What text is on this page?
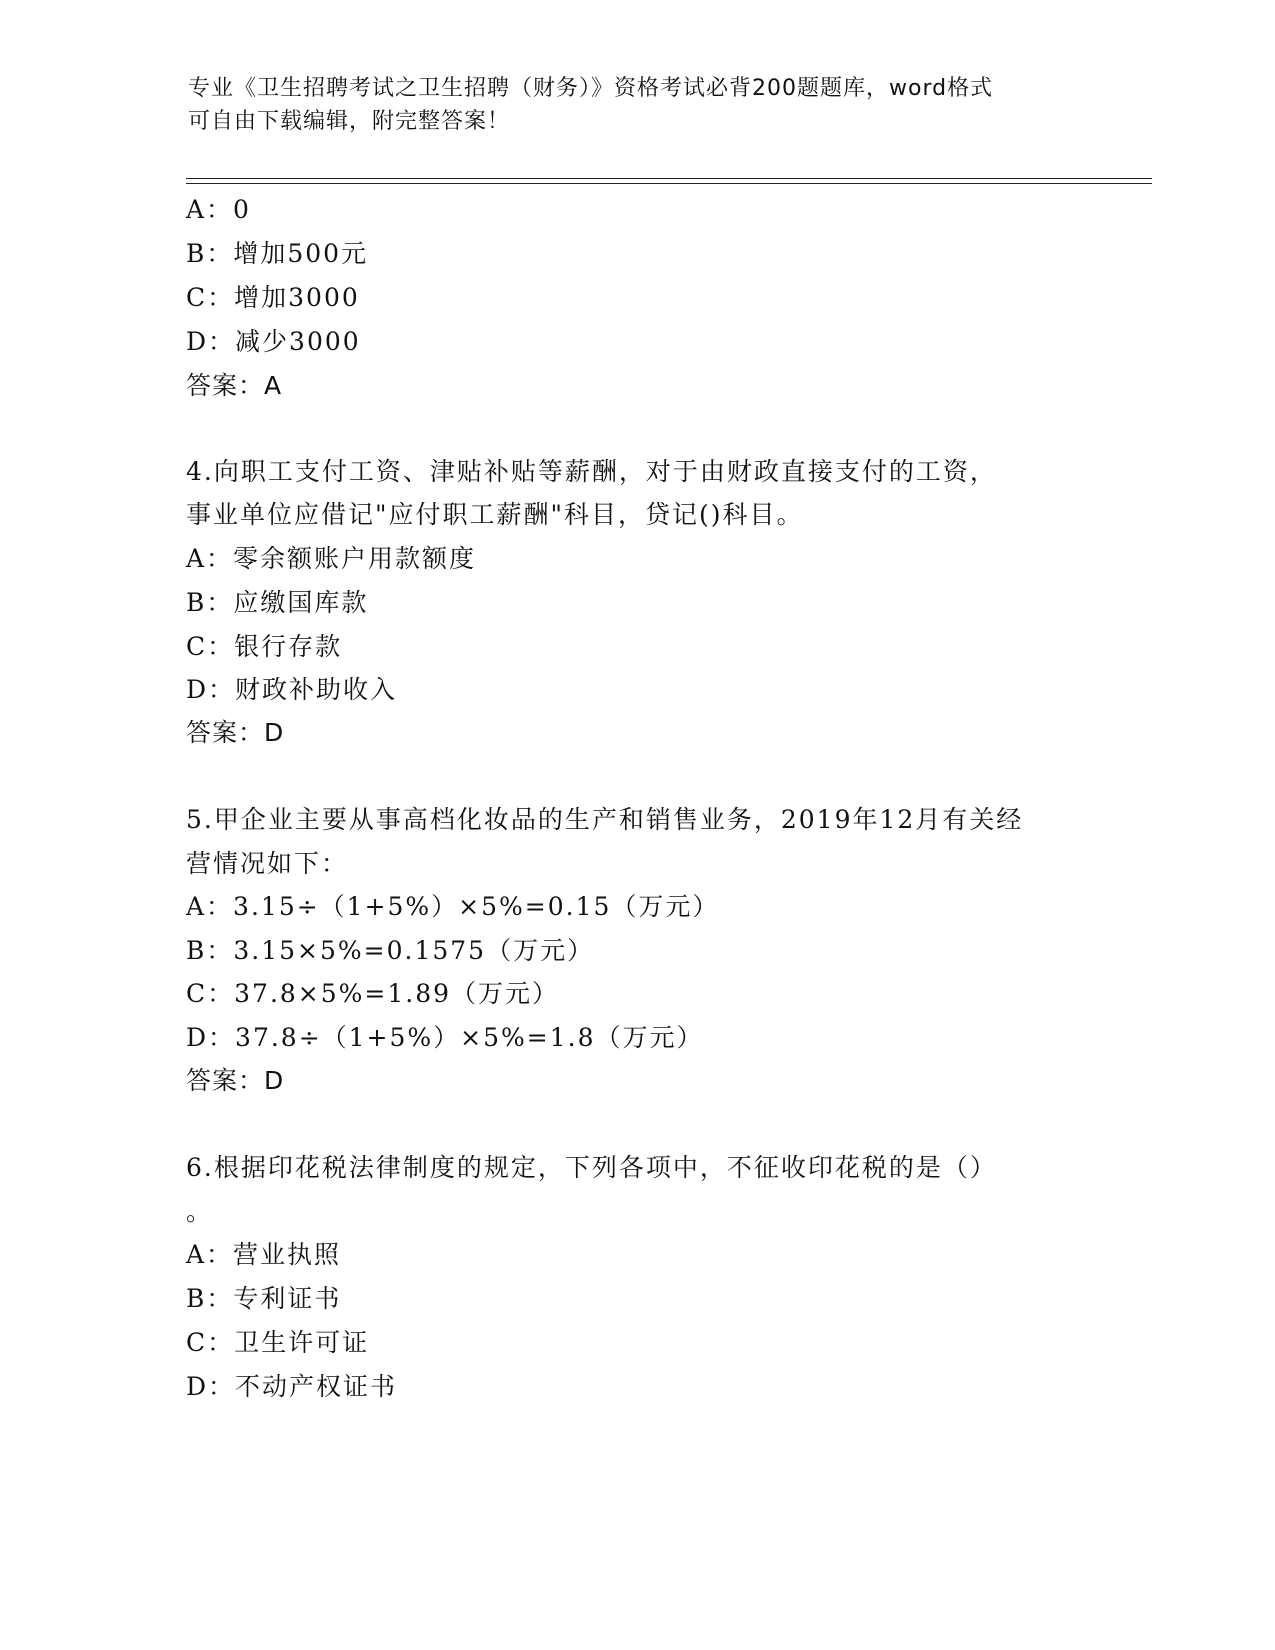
专业《卫生招聘考试之卫生招聘（财务）》资格考试必背200题题库，word格式
可自由下载编辑，附完整答案！
A：0
B：增加500元
C：增加3000
D：减少3000
答案：A
4.向职工支付工资、津贴补贴等薪酬，对于由财政直接支付的工资，
事业单位应借记"应付职工薪酬"科目，贷记()科目。
A：零余额账户用款额度
B：应缴国库款
C：银行存款
D：财政补助收入
答案：D
5.甲企业主要从事高档化妆品的生产和销售业务，2019年12月有关经
营情况如下：
A：3.15÷（1+5%）×5%=0.15（万元）
B：3.15×5%=0.1575（万元）
C：37.8×5%=1.89（万元）
D：37.8÷（1+5%）×5%=1.8（万元）
答案：D
6.根据印花税法律制度的规定，下列各项中，不征收印花税的是（）
。
A：营业执照
B：专利证书
C：卫生许可证
D：不动产权证书
